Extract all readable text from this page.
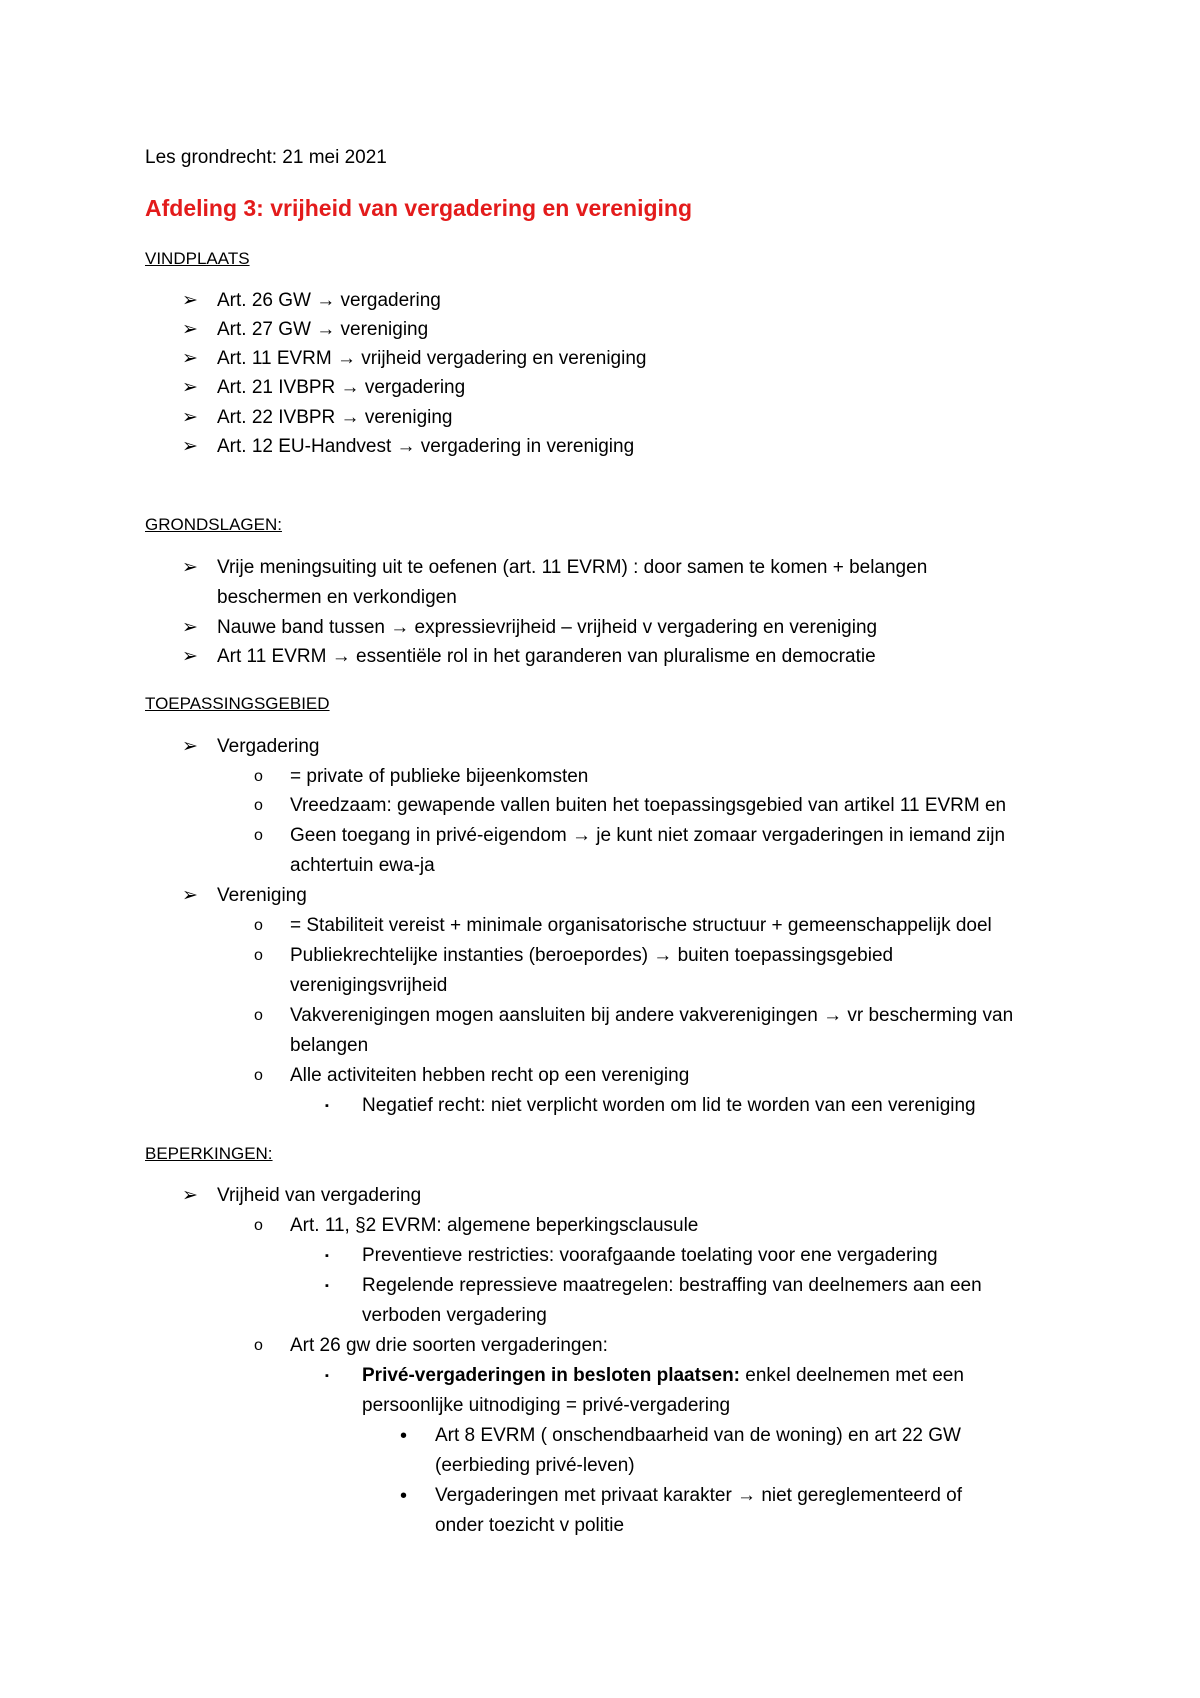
Les grondrecht: 21 mei 2021
Afdeling 3: vrijheid van vergadering en vereniging
VINDPLAATS
➢ Art. 26 GW → vergadering
➢ Art. 27 GW → vereniging
➢ Art. 11 EVRM → vrijheid vergadering en vereniging
➢ Art. 21 IVBPR → vergadering
➢ Art. 22 IVBPR → vereniging
➢ Art. 12 EU-Handvest → vergadering in vereniging
GRONDSLAGEN:
➢ Vrije meningsuiting uit te oefenen (art. 11 EVRM) : door samen te komen + belangen
beschermen en verkondigen
➢ Nauwe band tussen → expressievrijheid – vrijheid v vergadering en vereniging
➢ Art 11 EVRM → essentiële rol in het garanderen van pluralisme en democratie
TOEPASSINGSGEBIED
➢ Vergadering
o = private of publieke bijeenkomsten
o Vreedzaam: gewapende vallen buiten het toepassingsgebied van artikel 11 EVRM en
o Geen toegang in privé-eigendom → je kunt niet zomaar vergaderingen in iemand zijn
achtertuin ewa-ja
➢ Vereniging
o = Stabiliteit vereist + minimale organisatorische structuur + gemeenschappelijk doel
o Publiekrechtelijke instanties (beroepordes) → buiten toepassingsgebied
verenigingsvrijheid
o Vakverenigingen mogen aansluiten bij andere vakverenigingen → vr bescherming van
belangen
o Alle activiteiten hebben recht op een vereniging
▪ Negatief recht: niet verplicht worden om lid te worden van een vereniging
BEPERKINGEN:
➢ Vrijheid van vergadering
o Art. 11, §2 EVRM: algemene beperkingsclausule
▪ Preventieve restricties: voorafgaande toelating voor ene vergadering
▪ Regelende repressieve maatregelen: bestraffing van deelnemers aan een
verboden vergadering
o Art 26 gw drie soorten vergaderingen:
▪ Privé-vergaderingen in besloten plaatsen: enkel deelnemen met een
persoonlijke uitnodiging = privé-vergadering
• Art 8 EVRM ( onschendbaarheid van de woning) en art 22 GW
(eerbieding privé-leven)
• Vergaderingen met privaat karakter → niet gereglementeerd of
onder toezicht v politie
